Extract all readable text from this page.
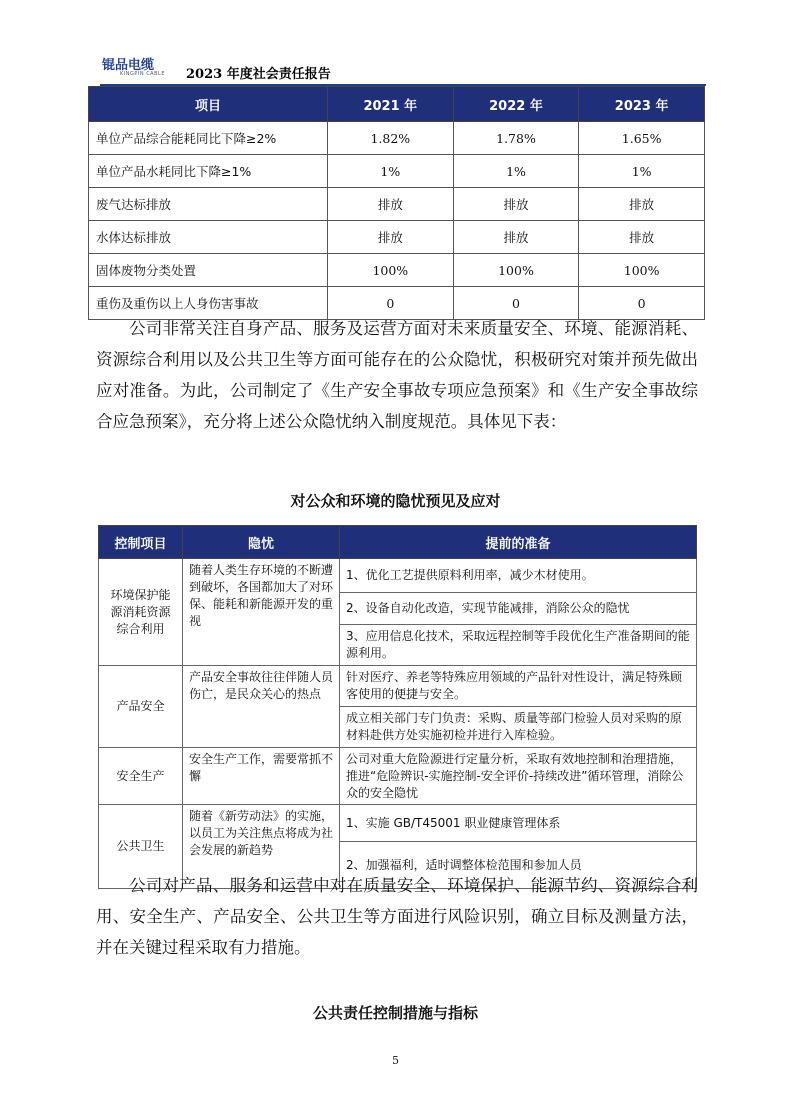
锟品电缆
KINGPIN CABLE 2023 年度社会责任报告
项目	2021 年	2022 年	2023 年
单位产品综合能耗同比下降≥2%	1.82%	1.78%	1.65%
单位产品水耗同比下降≥1%	1%	1%	1%
废气达标排放	排放	排放	排放
水体达标排放	排放	排放	排放
固体废物分类处置	100%	100%	100%
重伤及重伤以上人身伤害事故	0	0	0
公司非常关注自身产品、服务及运营方面对未来质量安全、环境、能源消耗、资源综合利用以及公共卫生等方面可能存在的公众隐忧，积极研究对策并预先做出应对准备。为此，公司制定了《生产安全事故专项应急预案》和《生产安全事故综合应急预案》，充分将上述公众隐忧纳入制度规范。具体见下表：
对公众和环境的隐忧预见及应对
控制项目	隐忧	提前的准备
环境保护能源消耗资源综合利用	随着人类生存环境的不断遭到破坏，各国都加大了对环保、能耗和新能源开发的重视	1、优化工艺提供原料利用率，减少木材使用。
		2、设备自动化改造，实现节能减排，消除公众的隐忧
		3、应用信息化技术，采取远程控制等手段优化生产准备期间的能源利用。
产品安全	产品安全事故往往伴随人员伤亡，是民众关心的热点	针对医疗、养老等特殊应用领域的产品针对性设计，满足特殊顾客使用的便捷与安全。
		成立相关部门专门负责：采购、质量等部门检验人员对采购的原材料赴供方处实施初检并进行入库检验。
安全生产	安全生产工作，需要常抓不懈	公司对重大危险源进行定量分析，采取有效地控制和治理措施，推进“危险辨识-实施控制-安全评价-持续改进”循环管理，消除公众的安全隐忧
公共卫生	随着《新劳动法》的实施，以员工为关注焦点将成为社会发展的新趋势	1、实施 GB/T45001 职业健康管理体系
		2、加强福利，适时调整体检范围和参加人员
公司对产品、服务和运营中对在质量安全、环境保护、能源节约、资源综合利用、安全生产、产品安全、公共卫生等方面进行风险识别，确立目标及测量方法，并在关键过程采取有力措施。
公共责任控制措施与指标
5
